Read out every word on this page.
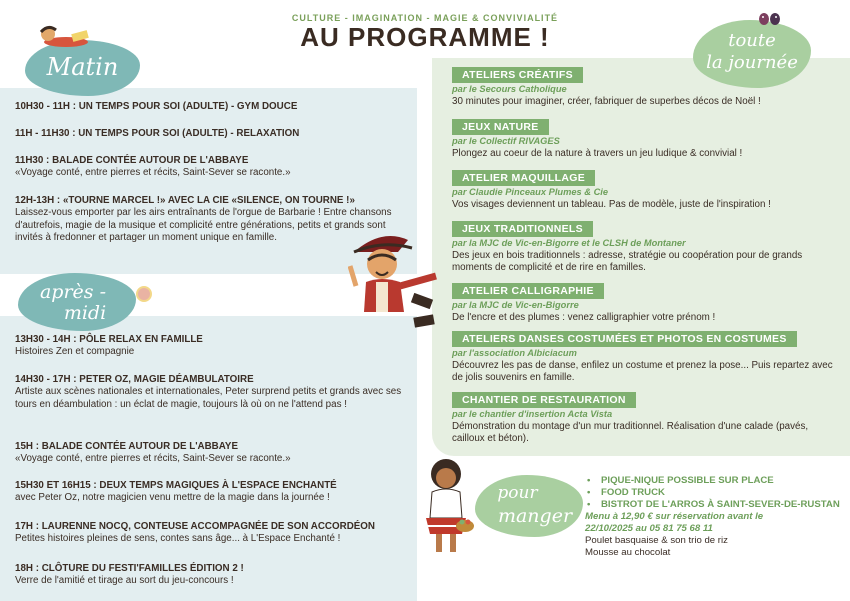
CULTURE - IMAGINATION - MAGIE & CONVIVIALITÉ
AU PROGRAMME !
Matin
après -
midi
toute
la journée
pour
manger
10H30 - 11H : UN TEMPS POUR SOI (ADULTE) - GYM DOUCE
11H - 11H30 : UN TEMPS POUR SOI (ADULTE) - RELAXATION
11H30 : BALADE CONTÉE AUTOUR DE L'ABBAYE
«Voyage conté, entre pierres et récits, Saint-Sever se raconte.»
12H-13H : «TOURNE MARCEL !» AVEC LA CIE «SILENCE, ON TOURNE !»
Laissez-vous emporter par les airs entraînants de l'orgue de Barbarie ! Entre chansons d'autrefois, magie de la musique et complicité entre générations, petits et grands sont invités à fredonner et partager un moment unique en famille.
13H30 - 14H : PÔLE RELAX EN FAMILLE
Histoires Zen et compagnie
14H30 - 17H : PETER OZ, MAGIE DÉAMBULATOIRE
Artiste aux scènes nationales et internationales, Peter surprend petits et grands avec ses tours en déambulation : un éclat de magie, toujours là où on ne l'attend pas !
15H : BALADE CONTÉE AUTOUR DE L'ABBAYE
«Voyage conté, entre pierres et récits, Saint-Sever se raconte.»
15H30 ET 16H15 : DEUX TEMPS MAGIQUES À L'ESPACE ENCHANTÉ
avec Peter Oz, notre magicien venu mettre de la magie dans la journée !
17H : LAURENNE NOCQ, CONTEUSE ACCOMPAGNÉE DE SON ACCORDÉON
Petites histoires pleines de sens, contes sans âge... à L'Espace Enchanté !
18H : CLÔTURE DU FESTI'FAMILLES ÉDITION 2 !
Verre de l'amitié et tirage au sort du jeu-concours !
ATELIERS CRÉATIFS
par le Secours Catholique
30 minutes pour imaginer, créer, fabriquer de superbes décos de Noël !
JEUX NATURE
par le Collectif RIVAGES
Plongez au coeur de la nature à travers un jeu ludique & convivial !
ATELIER MAQUILLAGE
par Claudie Pinceaux Plumes & Cie
Vos visages deviennent un tableau. Pas de modèle, juste de l'inspiration !
JEUX TRADITIONNELS
par la MJC de Vic-en-Bigorre et le CLSH de Montaner
Des jeux en bois traditionnels : adresse, stratégie ou coopération pour de grands moments de complicité et de rire en familles.
ATELIER CALLIGRAPHIE
par la MJC de Vic-en-Bigorre
De l'encre et des plumes : venez calligraphier votre prénom !
ATELIERS DANSES COSTUMÉES ET PHOTOS EN COSTUMES
par l'association Albiciacum
Découvrez les pas de danse, enfilez un costume et prenez la pose... Puis repartez avec de jolis souvenirs en famille.
CHANTIER DE RESTAURATION
par le chantier d'insertion Acta Vista
Démonstration du montage d'un mur traditionnel. Réalisation d'une calade (pavés, cailloux et béton).
• PIQUE-NIQUE POSSIBLE SUR PLACE
• FOOD TRUCK
• BISTROT DE L'ARROS À SAINT-SEVER-DE-RUSTAN
Menu à 12,90 € sur réservation avant le 22/10/2025 au 05 81 75 68 11
Poulet basquaise & son trio de riz
Mousse au chocolat
